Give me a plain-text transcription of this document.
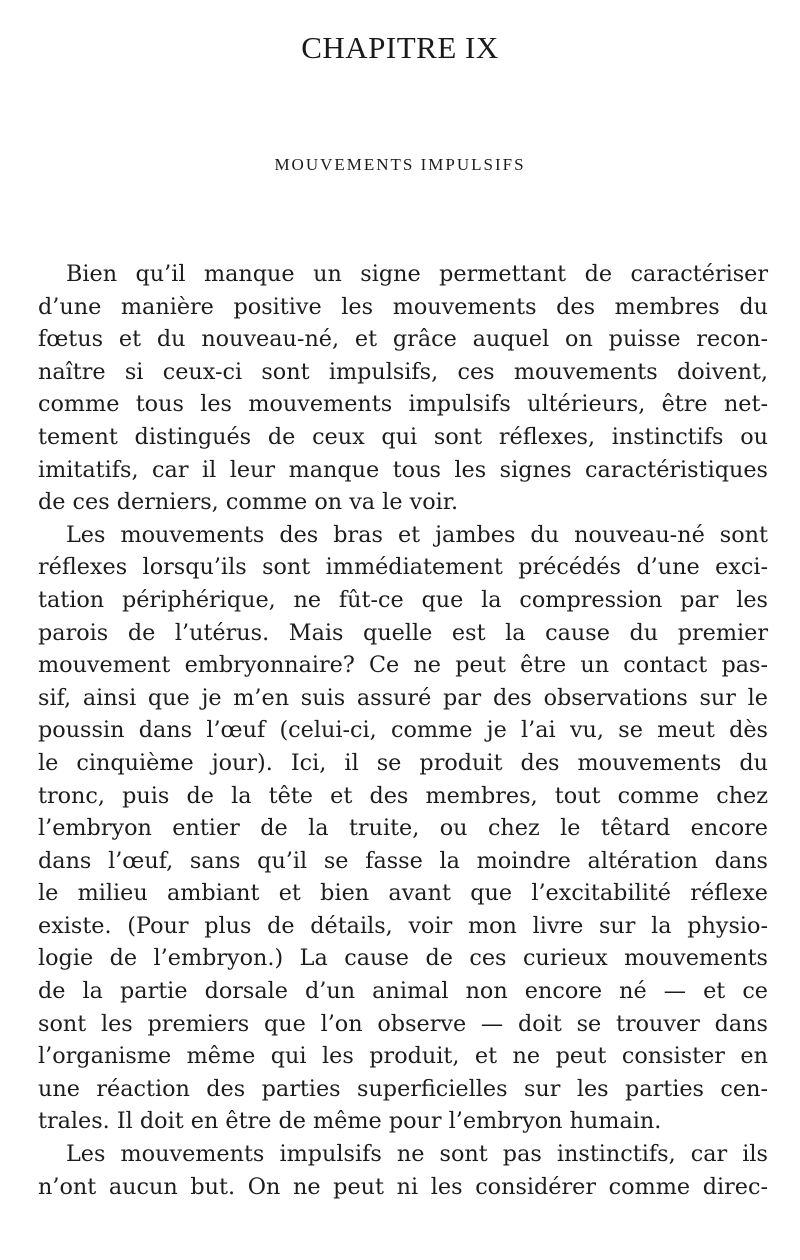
CHAPITRE IX
MOUVEMENTS IMPULSIFS
Bien qu’il manque un signe permettant de caractériser
d’une manière positive les mouvements des membres du
fœtus et du nouveau-né, et grâce auquel on puisse recon-
naître si ceux-ci sont impulsifs, ces mouvements doivent,
comme tous les mouvements impulsifs ultérieurs, être net-
tement distingués de ceux qui sont réflexes, instinctifs ou
imitatifs, car il leur manque tous les signes caractéristiques
de ces derniers, comme on va le voir.
Les mouvements des bras et jambes du nouveau-né sont
réflexes lorsqu’ils sont immédiatement précédés d’une exci-
tation périphérique, ne fût-ce que la compression par les
parois de l’utérus. Mais quelle est la cause du premier
mouvement embryonnaire? Ce ne peut être un contact pas-
sif, ainsi que je m’en suis assuré par des observations sur le
poussin dans l’œuf (celui-ci, comme je l’ai vu, se meut dès
le cinquième jour). Ici, il se produit des mouvements du
tronc, puis de la tête et des membres, tout comme chez
l’embryon entier de la truite, ou chez le têtard encore
dans l’œuf, sans qu’il se fasse la moindre altération dans
le milieu ambiant et bien avant que l’excitabilité réflexe
existe. (Pour plus de détails, voir mon livre sur la physio-
logie de l’embryon.) La cause de ces curieux mouvements
de la partie dorsale d’un animal non encore né — et ce
sont les premiers que l’on observe — doit se trouver dans
l’organisme même qui les produit, et ne peut consister en
une réaction des parties superficielles sur les parties cen-
trales. Il doit en être de même pour l’embryon humain.
Les mouvements impulsifs ne sont pas instinctifs, car ils
n’ont aucun but. On ne peut ni les considérer comme direc-
